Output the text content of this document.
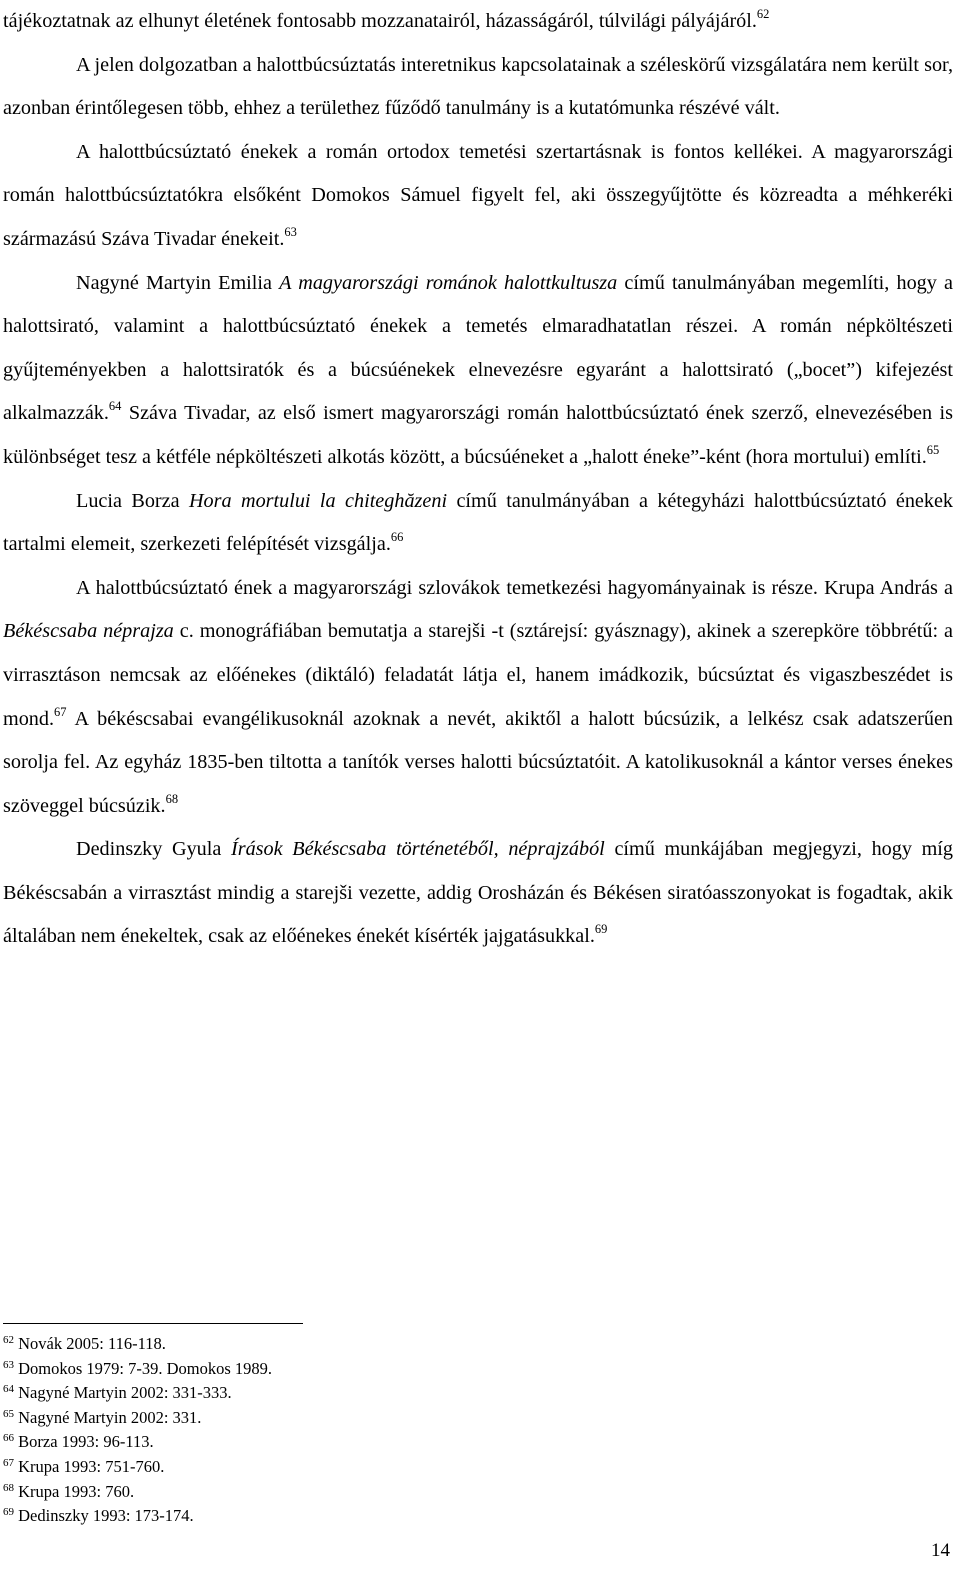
tájékoztatnak az elhunyt életének fontosabb mozzanatairól, házasságáról, túlvilági pályájáról.$^{62}$

A jelen dolgozatban a halottbúcsúztatás interetnikus kapcsolatainak a széleskörű vizsgálatára nem került sor, azonban érintőlegesen több, ehhez a területhez fűződő tanulmány is a kutatómunka részévé vált.

A halottbúcsúztató énekek a román ortodox temetési szertartásnak is fontos kellékei. A magyarországi román halottbúcsúztatókra elsőként Domokos Sámuel figyelt fel, aki összegyűjtötte és közreadta a méhkeréki származású Száva Tivadar énekeit.$^{63}$

Nagyné Martyin Emilia A magyarországi románok halottkultusza című tanulmányában megemlíti, hogy a halottsirató, valamint a halottbúcsúztató énekek a temetés elmaradhatatlan részei. A román népköltészeti gyűjteményekben a halottsiratók és a búcsúénekek elnevezésre egyaránt a halottsirató („bocet”) kifejezést alkalmazzák.$^{64}$ Száva Tivadar, az első ismert magyarországi román halottbúcsúztató ének szerző, elnevezésében is különbséget tesz a kétféle népköltészeti alkotás között, a búcsúéneket a „halott éneke”-ként (hora mortului) említi.$^{65}$

Lucia Borza Hora mortului la chiteghăzeni című tanulmányában a kétegyházi halottbúcsúztató énekek tartalmi elemeit, szerkezeti felépítését vizsgálja.$^{66}$

A halottbúcsúztató ének a magyarországi szlovákok temetkezési hagyományainak is része. Krupa András a Békéscsaba néprajza c. monográfiában bemutatja a starejši -t (sztárejsí: gyásznagy), akinek a szerepköre többrétű: a virrasztáson nemcsak az előénekes (diktáló) feladatát látja el, hanem imádkozik, búcsúztat és vigaszbeszédet is mond.$^{67}$ A békéscsabai evangélikusoknál azoknak a nevét, akiktől a halott búcsúzik, a lelkész csak adatszerűen sorolja fel. Az egyház 1835-ben tiltotta a tanítók verses halotti búcsúztatóit. A katolikusoknál a kántor verses énekes szöveggel búcsúzik.$^{68}$

Dedinszky Gyula Írások Békéscsaba történetéből, néprajzából című munkájában megjegyzi, hogy míg Békéscsabán a virrasztást mindig a starejši vezette, addig Orosházán és Békésen siratóasszonyokat is fogadtak, akik általában nem énekeltek, csak az előénekes énekét kísérték jajgatásukkal.$^{69}$

$^{62}$ Novák 2005: 116-118.
$^{63}$ Domokos 1979: 7-39. Domokos 1989.
$^{64}$ Nagyné Martyin 2002: 331-333.
$^{65}$ Nagyné Martyin 2002: 331.
$^{66}$ Borza 1993: 96-113.
$^{67}$ Krupa 1993: 751-760.
$^{68}$ Krupa 1993: 760.
$^{69}$ Dedinszky 1993: 173-174.
14
